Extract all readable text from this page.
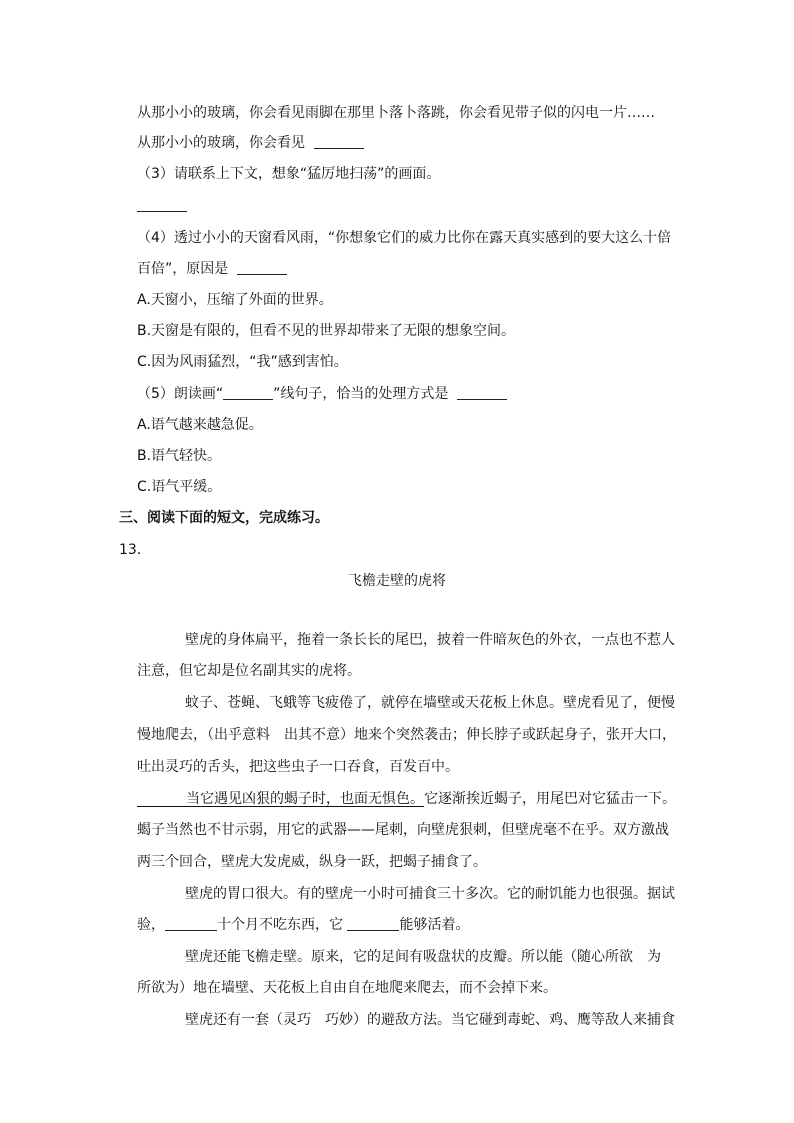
从那小小的玻璃，你会看见雨脚在那里卜落卜落跳，你会看见带子似的闪电一片……
从那小小的玻璃，你会看见
（3）请联系上下文，想象“猛厉地扫荡”的画面。
（4）透过小小的天窗看风雨，“你想象它们的威力比你在露天真实感到的要大这么十倍
百倍”，原因是
A.天窗小，压缩了外面的世界。
B.天窗是有限的，但看不见的世界却带来了无限的想象空间。
C.因为风雨猛烈，“我”感到害怕。
（5）朗读画“	”线句子，恰当的处理方式是
A.语气越来越急促。
B.语气轻快。
C.语气平缓。
三、阅读下面的短文，完成练习。
13．
飞檐走壁的虎将
壁虎的身体扁平，拖着一条长长的尾巴，披着一件暗灰色的外衣，一点也不惹人
注意，但它却是位名副其实的虎将。
蚊子、苍蝇、飞蛾等飞疲倦了，就停在墙壁或天花板上休息。壁虎看见了，便慢
慢地爬去，（出乎意料　出其不意）地来个突然袭击；伸长脖子或跃起身子，张开大口，
吐出灵巧的舌头，把这些虫子一口吞食，百发百中。
当它遇见凶狠的蝎子时，也面无惧色。它逐渐挨近蝎子，用尾巴对它猛击一下。
蝎子当然也不甘示弱，用它的武器——尾刺，向壁虎狠刺，但壁虎毫不在乎。双方激战
两三个回合，壁虎大发虎威，纵身一跃，把蝎子捕食了。
壁虎的胃口很大。有的壁虎一小时可捕食三十多次。它的耐饥能力也很强。据试
验，	十个月不吃东西，它	能够活着。
壁虎还能飞檐走壁。原来，它的足间有吸盘状的皮瓣。所以能（随心所欲　为
所欲为）地在墙壁、天花板上自由自在地爬来爬去，而不会掉下来。
壁虎还有一套（灵巧　巧妙）的避敌方法。当它碰到毒蛇、鸡、鹰等敌人来捕食
